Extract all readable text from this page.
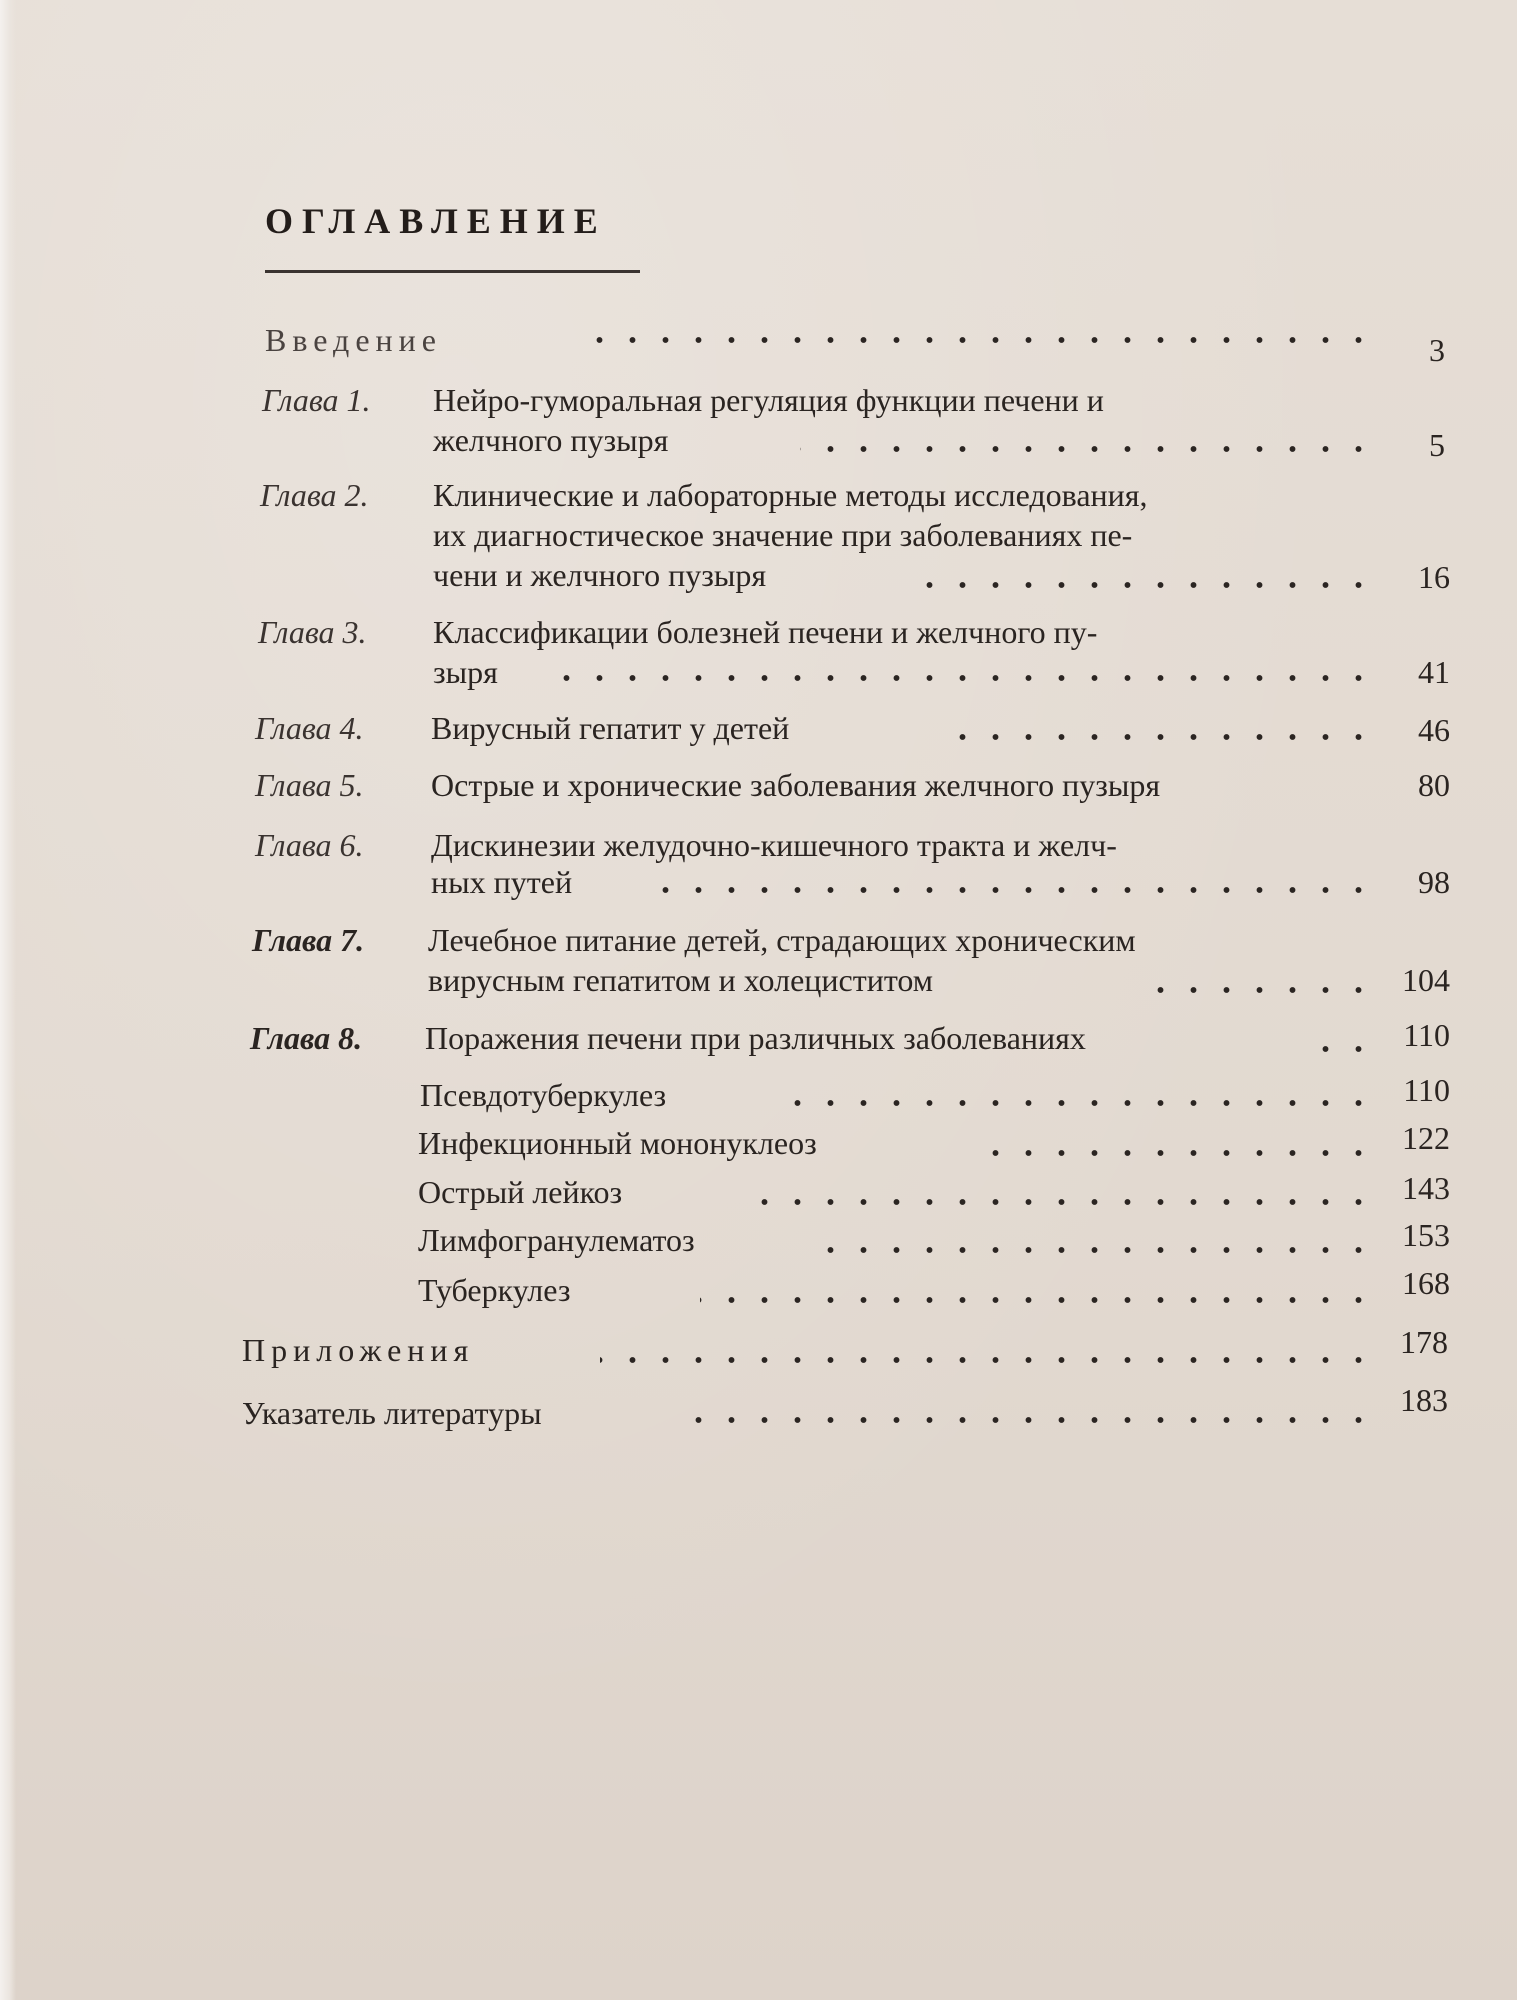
ОГЛАВЛЕНИЕ
Введение	3
Глава 1. Нейро-гуморальная регуляция функции печени и
желчного пузыря	5
Глава 2. Клинические и лабораторные методы исследования,
их диагностическое значение при заболеваниях пе-
чени и желчного пузыря	16
Глава 3. Классификации болезней печени и желчного пу-
зыря	41
Глава 4. Вирусный гепатит у детей	46
Глава 5. Острые и хронические заболевания желчного пузыря	80
Глава 6. Дискинезии желудочно-кишечного тракта и желч-
ных путей	98
Глава 7. Лечебное питание детей, страдающих хроническим
вирусным гепатитом и холециститом	104
Глава 8. Поражения печени при различных заболеваниях	110
Псевдотуберкулез	110
Инфекционный мононуклеоз	122
Острый лейкоз	143
Лимфогранулематоз	153
Туберкулез	168
Приложения	178
Указатель литературы	183
